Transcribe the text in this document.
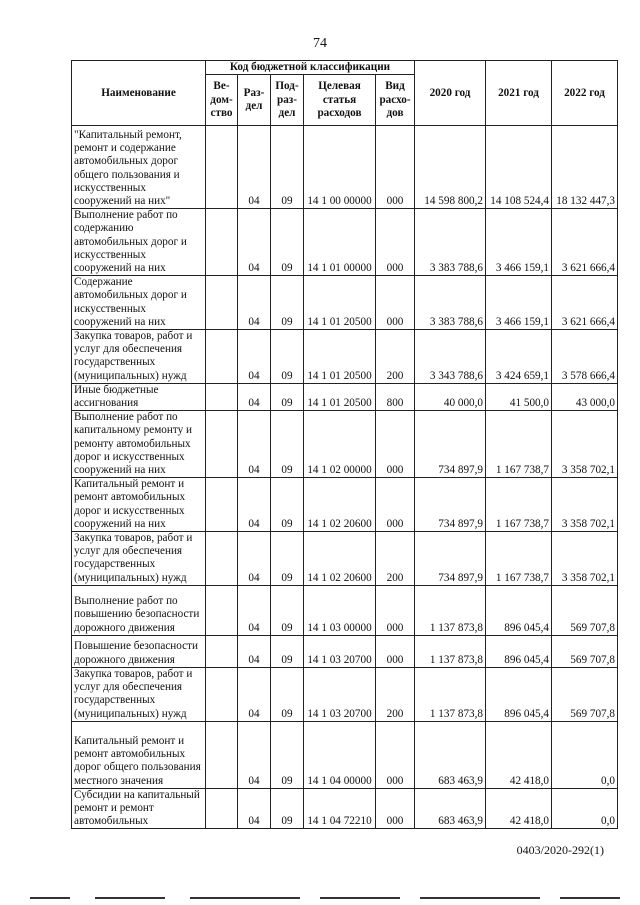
74
Наименование	Код бюджетной классификации					2020 год	2021 год	2022 год
	Ве-дом-ство	Раз-дел	Под-раз-дел	Целевая статья расходов	Вид расхо-дов			
"Капитальный ремонт, ремонт и содержание автомобильных дорог общего пользования и искусственных сооружений на них"		04	09	14 1 00 00000	000	14 598 800,2	14 108 524,4	18 132 447,3
Выполнение работ по содержанию автомобильных дорог и искусственных сооружений на них		04	09	14 1 01 00000	000	3 383 788,6	3 466 159,1	3 621 666,4
Содержание автомобильных дорог и искусственных сооружений на них		04	09	14 1 01 20500	000	3 383 788,6	3 466 159,1	3 621 666,4
Закупка товаров, работ и услуг для обеспечения государственных (муниципальных) нужд		04	09	14 1 01 20500	200	3 343 788,6	3 424 659,1	3 578 666,4
Иные бюджетные ассигнования		04	09	14 1 01 20500	800	40 000,0	41 500,0	43 000,0
Выполнение работ по капитальному ремонту и ремонту автомобильных дорог и искусственных сооружений на них		04	09	14 1 02 00000	000	734 897,9	1 167 738,7	3 358 702,1
Капитальный ремонт и ремонт автомобильных дорог и искусственных сооружений на них		04	09	14 1 02 20600	000	734 897,9	1 167 738,7	3 358 702,1
Закупка товаров, работ и услуг для обеспечения государственных (муниципальных) нужд		04	09	14 1 02 20600	200	734 897,9	1 167 738,7	3 358 702,1
Выполнение работ по повышению безопасности дорожного движения		04	09	14 1 03 00000	000	1 137 873,8	896 045,4	569 707,8
Повышение безопасности дорожного движения		04	09	14 1 03 20700	000	1 137 873,8	896 045,4	569 707,8
Закупка товаров, работ и услуг для обеспечения государственных (муниципальных) нужд		04	09	14 1 03 20700	200	1 137 873,8	896 045,4	569 707,8
Капитальный ремонт и ремонт автомобильных дорог общего пользования местного значения		04	09	14 1 04 00000	000	683 463,9	42 418,0	0,0
Субсидии на капитальный ремонт и ремонт автомобильных		04	09	14 1 04 72210	000	683 463,9	42 418,0	0,0
0403/2020-292(1)
